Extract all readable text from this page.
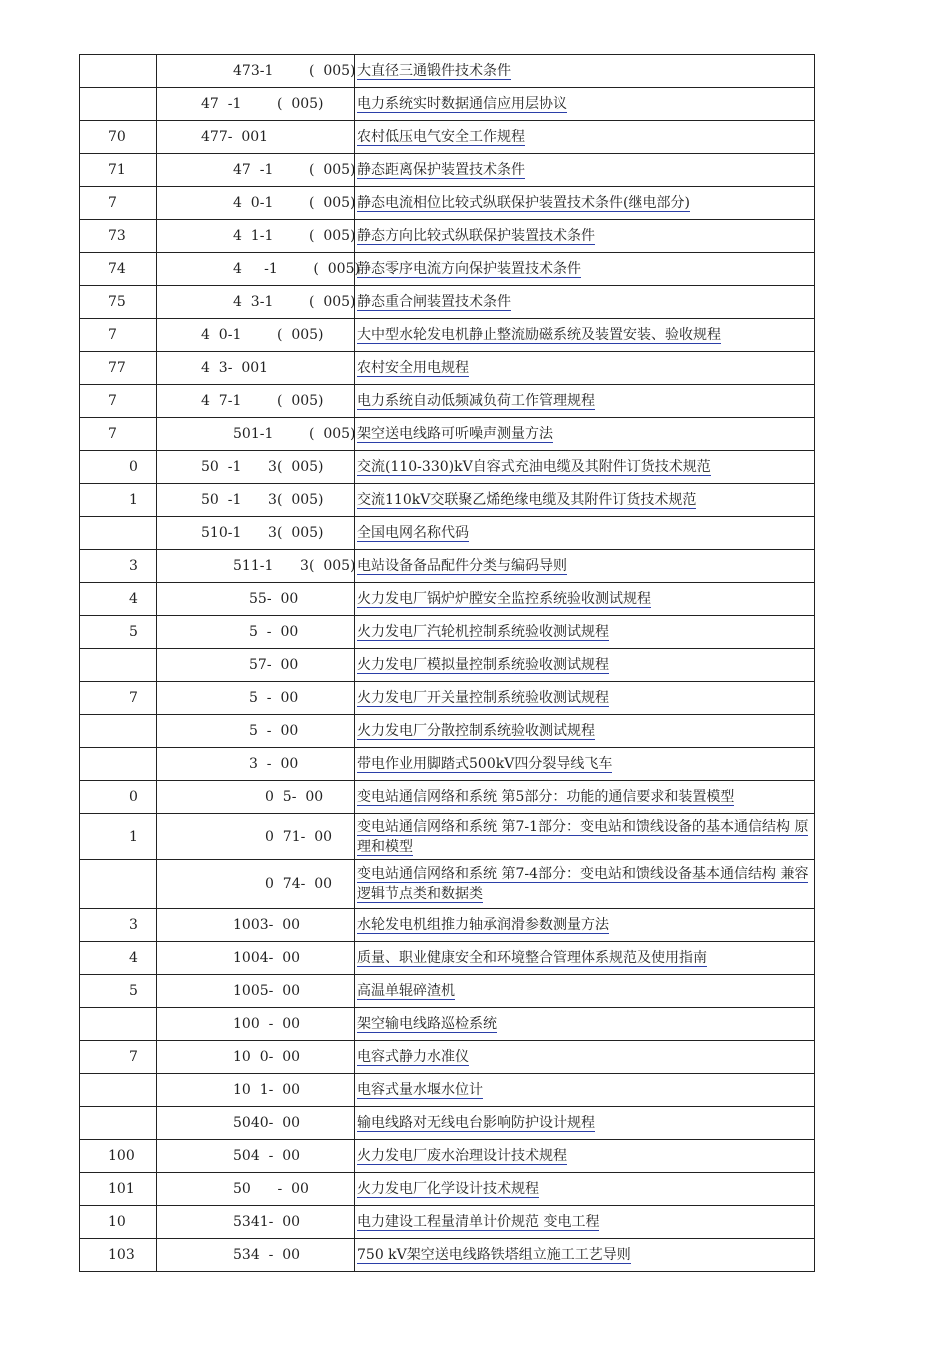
	473-1        (  005)	大直径三通锻件技术条件

	47  -1        (  005)	电力系统实时数据通信应用层协议
70	477-  001	农村低压电气安全工作规程
71	47  -1        (  005)	静态距离保护装置技术条件
7	4  0-1        (  005)	静态电流相位比较式纵联保护装置技术条件(继电部分)
73	4  1-1        (  005)	静态方向比较式纵联保护装置技术条件
74	4     -1        (  005)	静态零序电流方向保护装置技术条件
75	4  3-1        (  005)	静态重合闸装置技术条件
7	4  0-1        (  005)	大中型水轮发电机静止整流励磁系统及装置安装、验收规程
77	4  3-  001	农村安全用电规程
7	4  7-1        (  005)	电力系统自动低频减负荷工作管理规程
7	501-1        (  005)	架空送电线路可听噪声测量方法
0	50  -1      3(  005)	交流(110-330)kV自容式充油电缆及其附件订货技术规范
1	50  -1      3(  005)	交流110kV交联聚乙烯绝缘电缆及其附件订货技术规范

	510-1      3(  005)	全国电网名称代码
3	511-1      3(  005)	电站设备备品配件分类与编码导则
4	55-  00	火力发电厂锅炉炉膛安全监控系统验收测试规程
5	5  -  00	火力发电厂汽轮机控制系统验收测试规程

	57-  00	火力发电厂模拟量控制系统验收测试规程
7	5  -  00	火力发电厂开关量控制系统验收测试规程

	5  -  00	火力发电厂分散控制系统验收测试规程

	3  -  00	带电作业用脚踏式500kV四分裂导线飞车
0	0  5-  00	变电站通信网络和系统 第5部分：功能的通信要求和装置模型
1	0  71-  00	变电站通信网络和系统 第7-1部分：变电站和馈线设备的基本通信结构 原理和模型

	0  74-  00	变电站通信网络和系统 第7-4部分：变电站和馈线设备基本通信结构 兼容逻辑节点类和数据类
3	1003-  00	水轮发电机组推力轴承润滑参数测量方法
4	1004-  00	质量、职业健康安全和环境整合管理体系规范及使用指南
5	1005-  00	高温单辊碎渣机

	100  -  00	架空输电线路巡检系统
7	10  0-  00	电容式静力水准仪

	10  1-  00	电容式量水堰水位计

	5040-  00	输电线路对无线电台影响防护设计规程
100	504  -  00	火力发电厂废水治理设计技术规程
101	50      -  00	火力发电厂化学设计技术规程
10	5341-  00	电力建设工程量清单计价规范 变电工程
103	534  -  00	750 kV架空送电线路铁塔组立施工工艺导则
